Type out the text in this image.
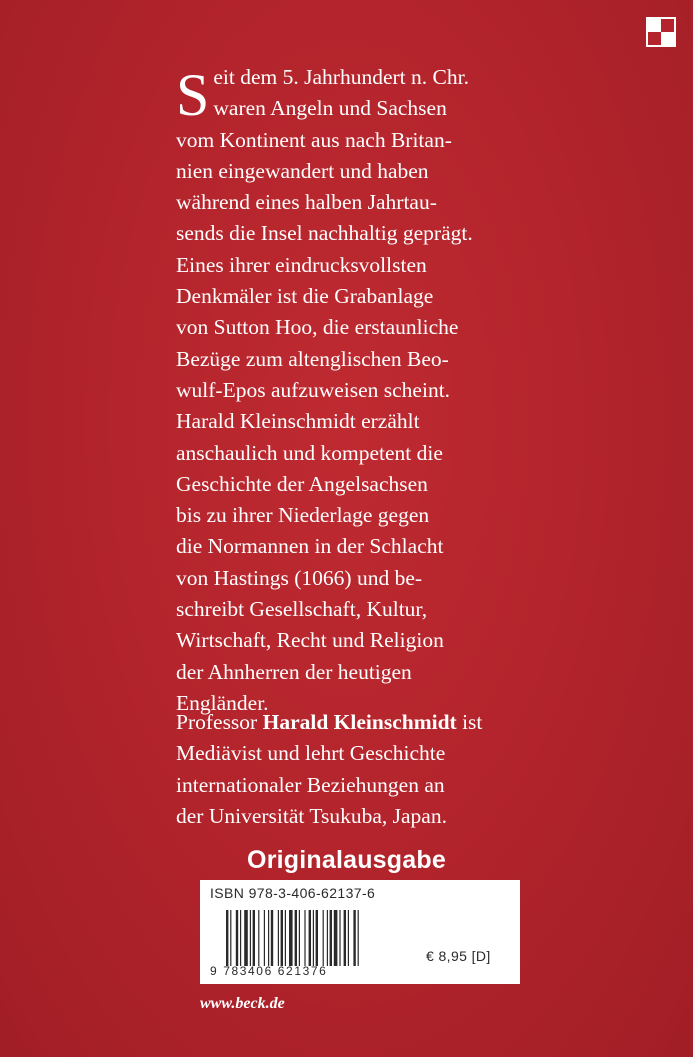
S eit dem 5. Jahrhundert n. Chr.
waren Angeln und Sachsen
vom Kontinent aus nach Britan-
nien eingewandert und haben
während eines halben Jahrtau-
sends die Insel nachhaltig geprägt.
Eines ihrer eindrucksvollsten
Denkmäler ist die Grabanlage
von Sutton Hoo, die erstaunliche
Bezüge zum altenglischen Beo-
wulf-Epos aufzuweisen scheint.
Harald Kleinschmidt erzählt
anschaulich und kompetent die
Geschichte der Angelsachsen
bis zu ihrer Niederlage gegen
die Normannen in der Schlacht
von Hastings (1066) und be-
schreibt Gesellschaft, Kultur,
Wirtschaft, Recht und Religion
der Ahnherren der heutigen
Engländer.
Professor Harald Kleinschmidt ist
Mediävist und lehrt Geschichte
internationaler Beziehungen an
der Universität Tsukuba, Japan.
Originalausgabe
ISBN 978-3-406-62137-6
9 783406 621376
€ 8,95 [D]
www.beck.de
